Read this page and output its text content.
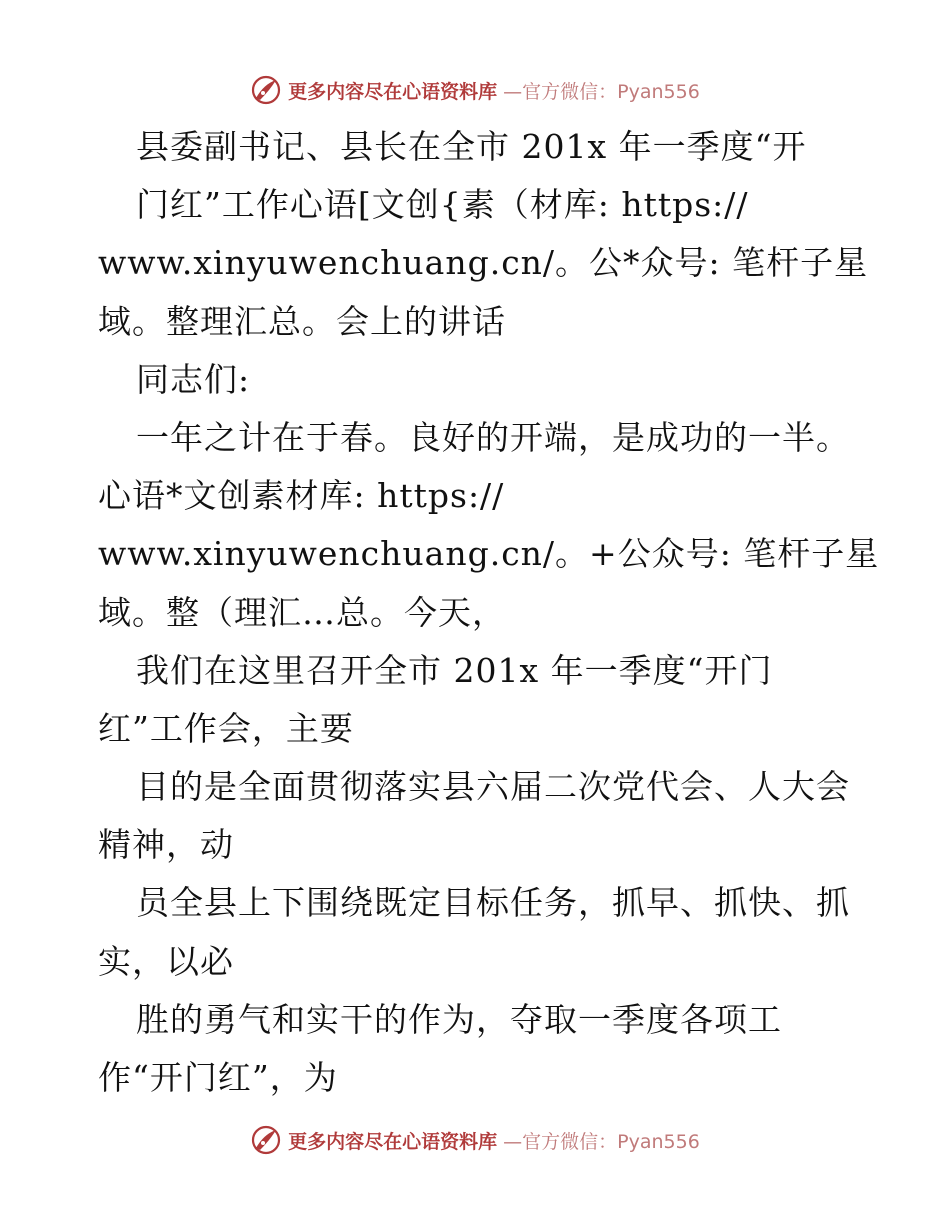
更多内容尽在心语资料库 —官方微信：Pyan556
县委副书记、县长在全市 201x 年一季度“开
门红”工作心语[文创{素（材库: https://
www.xinyuwenchuang.cn/。公*众号: 笔杆子星
域。整理汇总。会上的讲话
同志们:
一年之计在于春。良好的开端，是成功的一半。
心语*文创素材库: https://
www.xinyuwenchuang.cn/。+公众号: 笔杆子星
域。整（理汇…总。今天，
我们在这里召开全市 201x 年一季度“开门
红”工作会，主要
目的是全面贯彻落实县六届二次党代会、人大会
精神，动
员全县上下围绕既定目标任务，抓早、抓快、抓
实，以必
胜的勇气和实干的作为，夺取一季度各项工
作“开门红”，为
更多内容尽在心语资料库 —官方微信：Pyan556
